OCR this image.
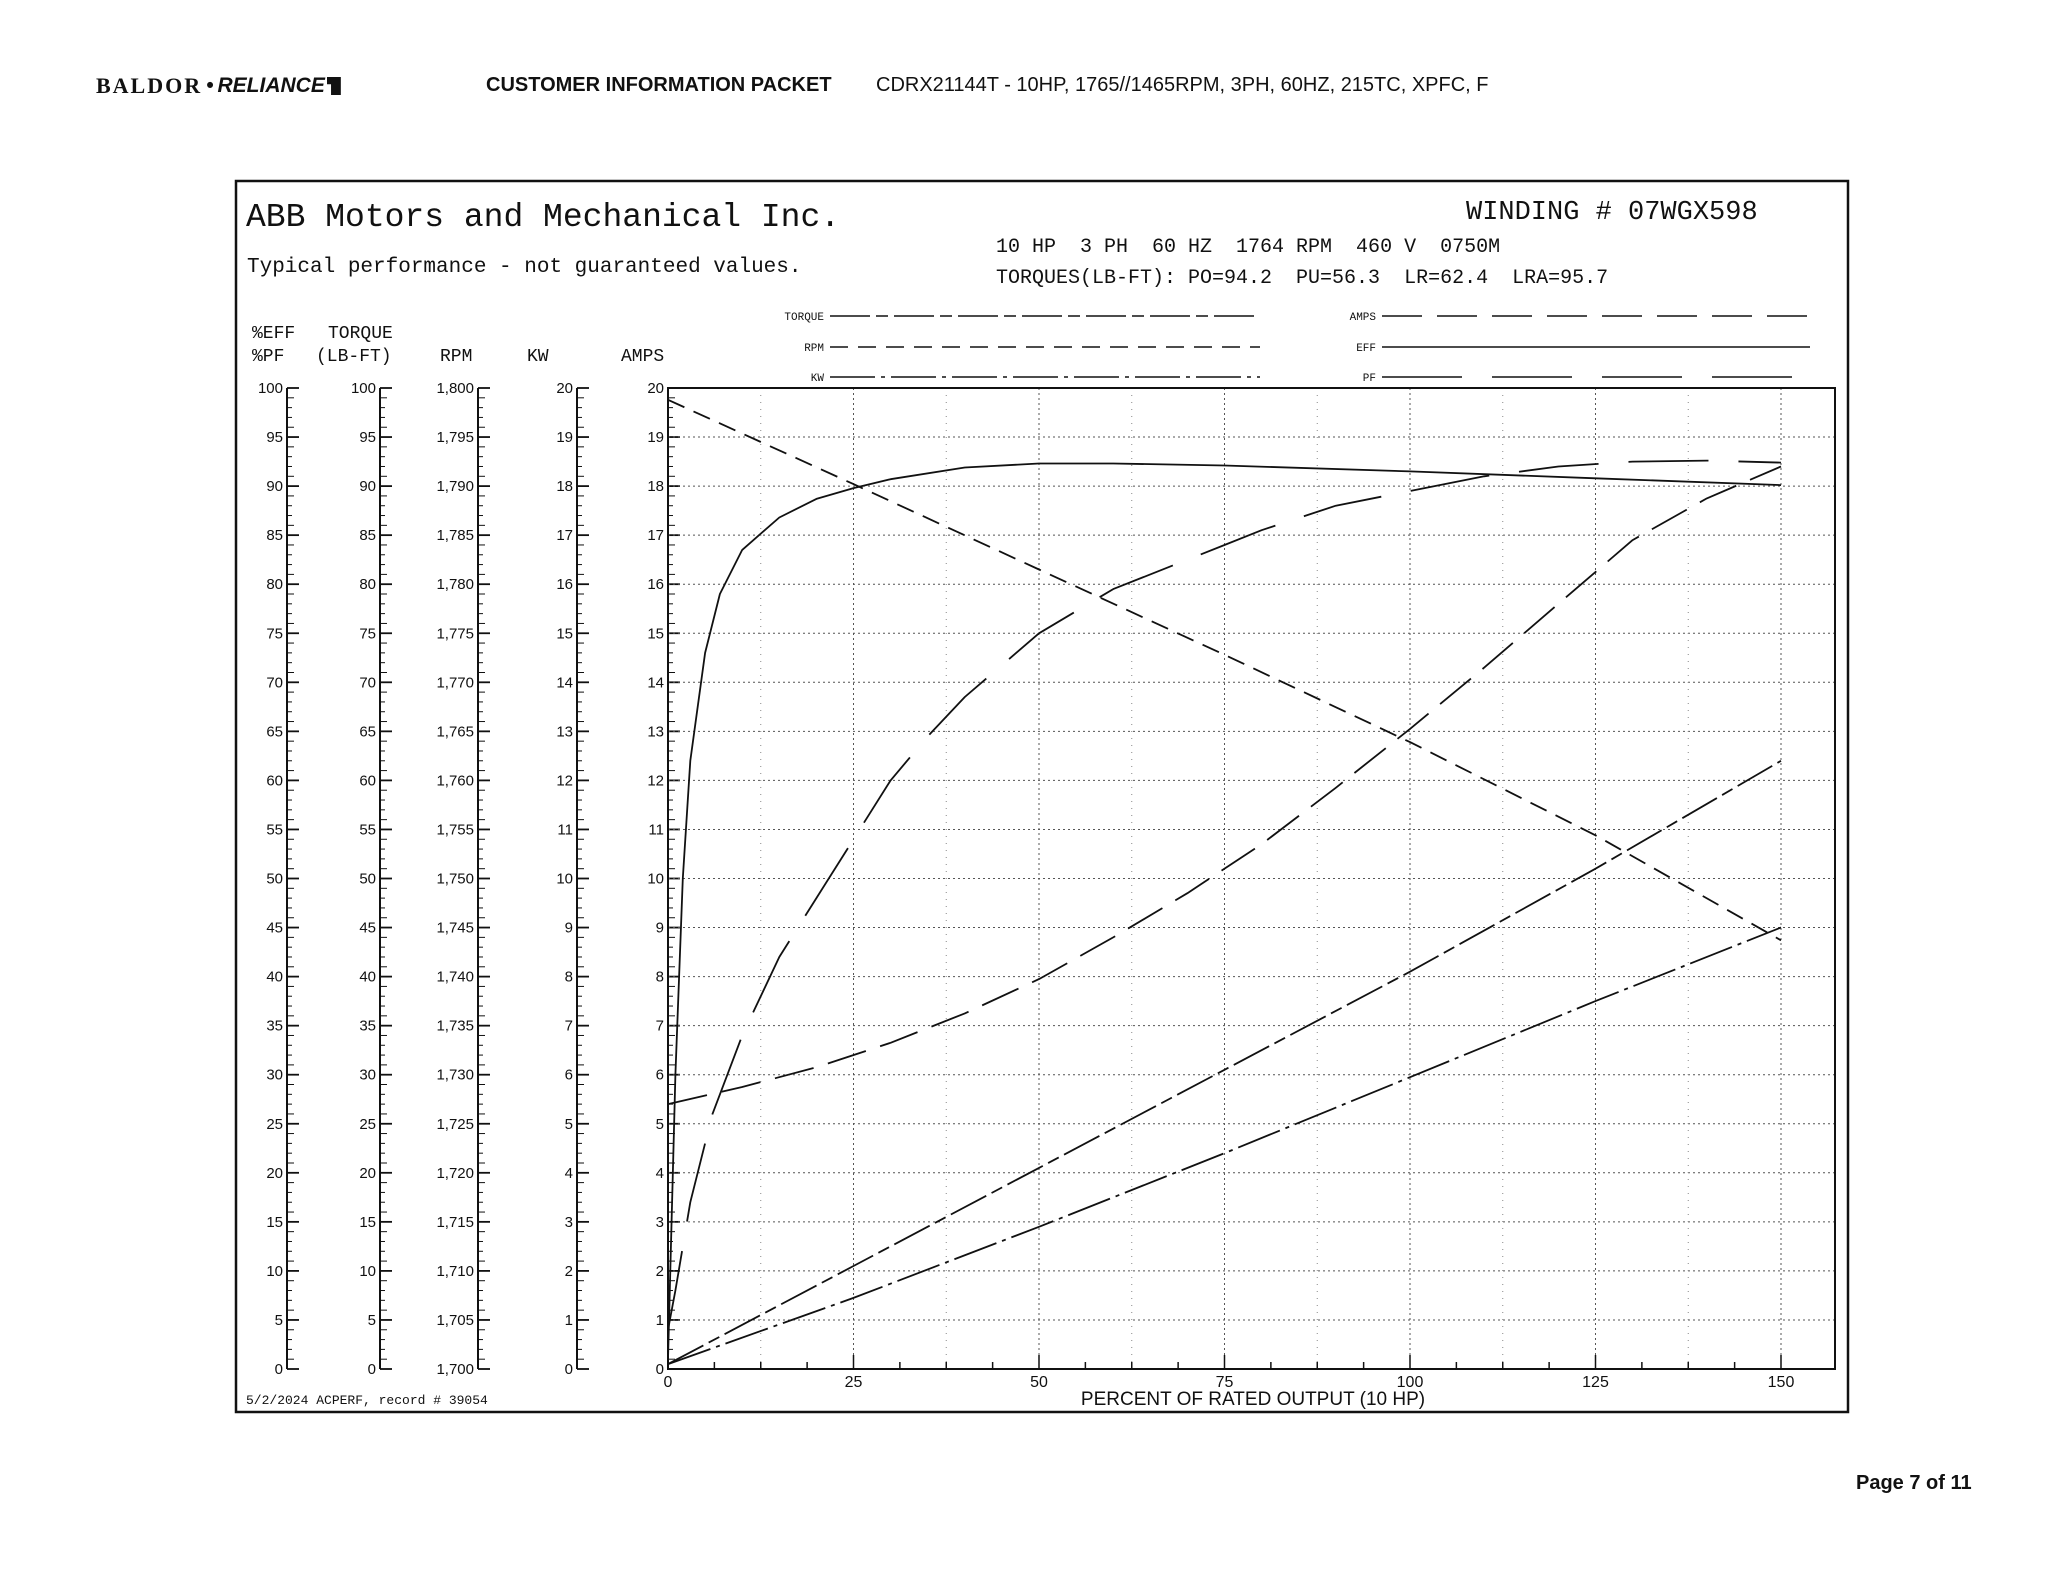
BALDOR • RELIANCE	CUSTOMER INFORMATION PACKET CDRX21144T - 10HP, 1765//1465RPM, 3PH, 60HZ, 215TC, XPFC, F
ABB Motors and Mechanical Inc.
Typical performance - not guaranteed values.
WINDING # 07WGX598
10 HP  3 PH  60 HZ  1764 RPM  460 V  0750M
TORQUES(LB-FT): PO=94.2  PU=56.3  LR=62.4  LRA=95.7
%EFF
%PF
TORQUE
(LB-FT)	RPM	KW	AMPS
TORQUE
RPM
KW
AMPS
EFF
PF
0
5
10
15
20
25
30
35
40
45
50
55
60
65
70
75
80
85
90
95
100
0
5
10
15
20
25
30
35
40
45
50
55
60
65
70
75
80
85
90
95
100
1,700
1,705
1,710
1,715
1,720
1,725
1,730
1,735
1,740
1,745
1,750
1,755
1,760
1,765
1,770
1,775
1,780
1,785
1,790
1,795
1,800
0
1
2
3
4
5
6
7
8
9
10
11
12
13
14
15
16
17
18
19
20
0
1
2
3
4
5
6
7
8
9
10
11
12
13
14
15
16
17
18
19
20
0	25	50	75	100	125	150
PERCENT OF RATED OUTPUT (10 HP)
5/2/2024 ACPERF, record # 39054
Page 7 of 11
